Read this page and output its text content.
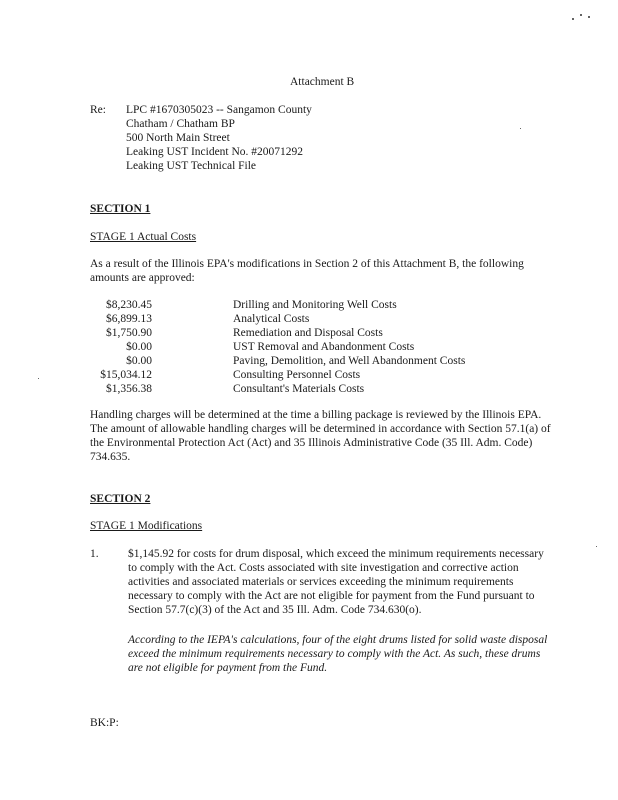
Attachment B
Re: LPC #1670305023 -- Sangamon County
Chatham / Chatham BP
500 North Main Street
Leaking UST Incident No. #20071292
Leaking UST Technical File
SECTION 1
STAGE 1 Actual Costs
As a result of the Illinois EPA's modifications in Section 2 of this Attachment B, the following amounts are approved:
$8,230.45	Drilling and Monitoring Well Costs
$6,899.13	Analytical Costs
$1,750.90	Remediation and Disposal Costs
$0.00	UST Removal and Abandonment Costs
$0.00	Paving, Demolition, and Well Abandonment Costs
$15,034.12	Consulting Personnel Costs
$1,356.38	Consultant's Materials Costs
Handling charges will be determined at the time a billing package is reviewed by the Illinois EPA. The amount of allowable handling charges will be determined in accordance with Section 57.1(a) of the Environmental Protection Act (Act) and 35 Illinois Administrative Code (35 Ill. Adm. Code) 734.635.
SECTION 2
STAGE 1 Modifications
1.	$1,145.92 for costs for drum disposal, which exceed the minimum requirements necessary to comply with the Act. Costs associated with site investigation and corrective action activities and associated materials or services exceeding the minimum requirements necessary to comply with the Act are not eligible for payment from the Fund pursuant to Section 57.7(c)(3) of the Act and 35 Ill. Adm. Code 734.630(o).
According to the IEPA's calculations, four of the eight drums listed for solid waste disposal exceed the minimum requirements necessary to comply with the Act. As such, these drums are not eligible for payment from the Fund.
BK:P:
